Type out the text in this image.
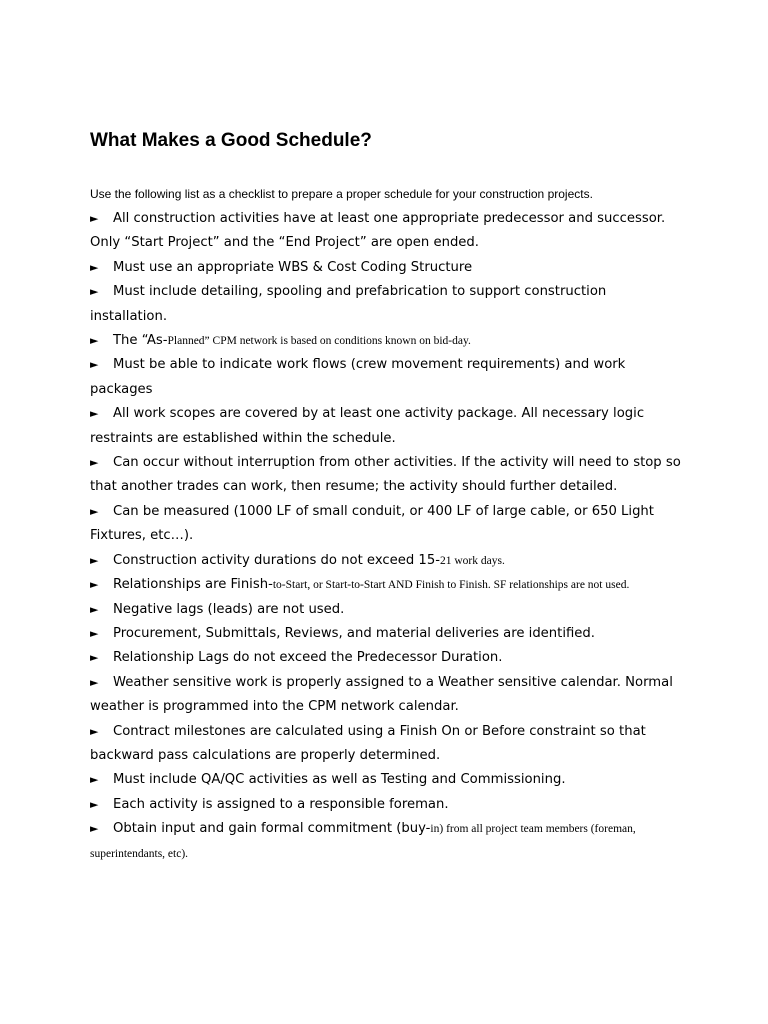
What Makes a Good Schedule?

Use the following list as a checklist to prepare a proper schedule for your construction projects.

► All construction activities have at least one appropriate predecessor and successor. Only “Start Project” and the “End Project” are open ended.
► Must use an appropriate WBS & Cost Coding Structure
► Must include detailing, spooling and prefabrication to support construction installation.
► The “As-Planned” CPM network is based on conditions known on bid-day.
► Must be able to indicate work flows (crew movement requirements) and work packages
► All work scopes are covered by at least one activity package. All necessary logic restraints are established within the schedule.
► Can occur without interruption from other activities. If the activity will need to stop so that another trades can work, then resume; the activity should further detailed.
► Can be measured (1000 LF of small conduit, or 400 LF of large cable, or 650 Light Fixtures, etc…).
► Construction activity durations do not exceed 15-21 work days.
► Relationships are Finish-to-Start, or Start-to-Start AND Finish to Finish. SF relationships are not used.
► Negative lags (leads) are not used.
► Procurement, Submittals, Reviews, and material deliveries are identified.
► Relationship Lags do not exceed the Predecessor Duration.
► Weather sensitive work is properly assigned to a Weather sensitive calendar. Normal weather is programmed into the CPM network calendar.
► Contract milestones are calculated using a Finish On or Before constraint so that backward pass calculations are properly determined.
► Must include QA/QC activities as well as Testing and Commissioning.
► Each activity is assigned to a responsible foreman.
► Obtain input and gain formal commitment (buy-in) from all project team members (foreman, superintendants, etc).
